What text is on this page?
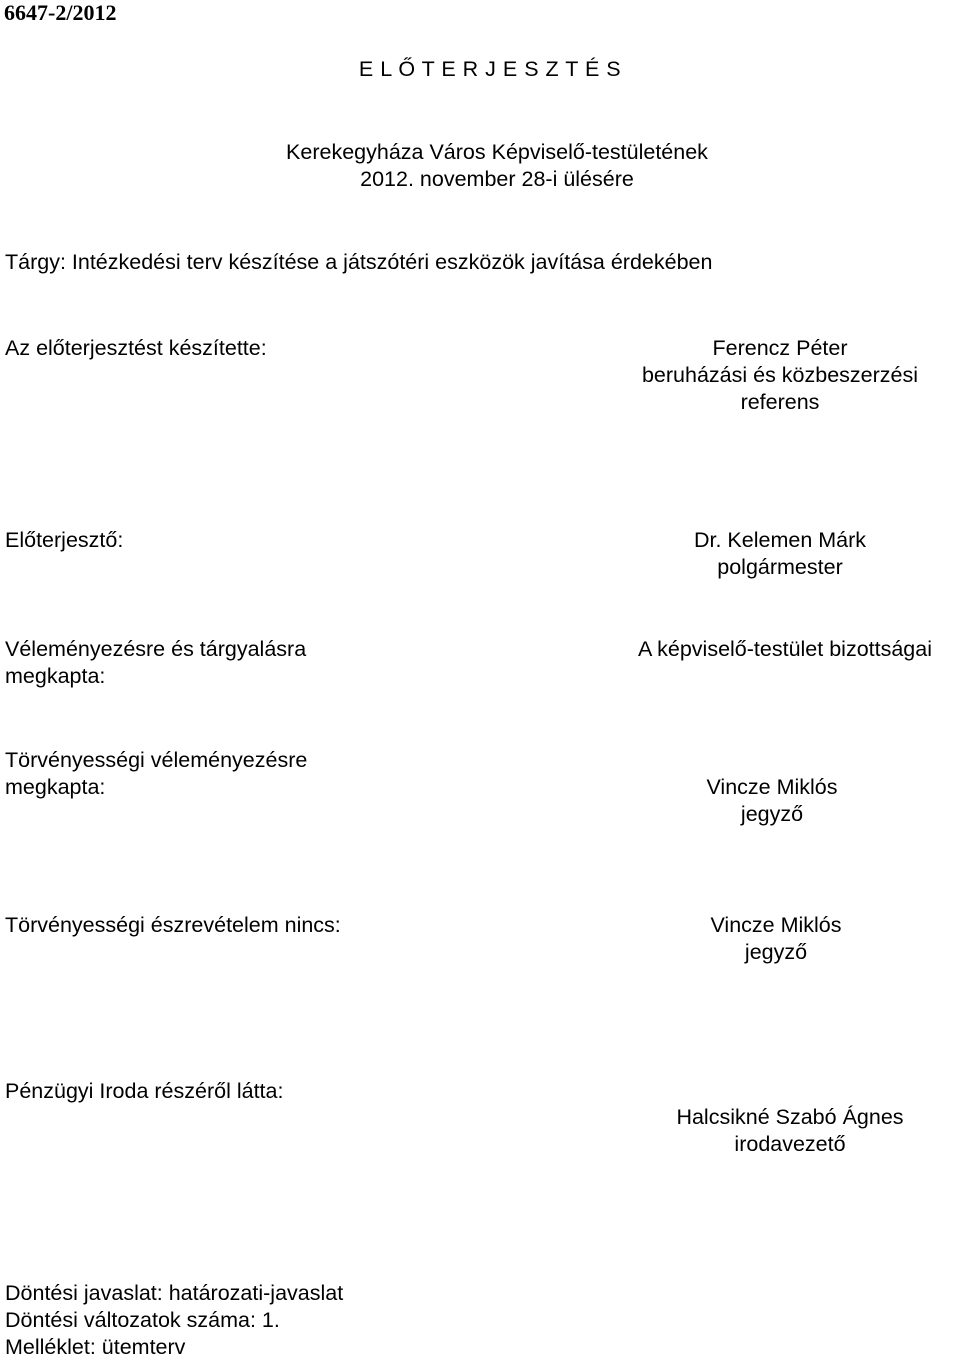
6647-2/2012
E L Ő T E R J E S Z T É S
Kerekegyháza Város Képviselő-testületének
2012. november 28-i ülésére
Tárgy: Intézkedési terv készítése a játszótéri eszközök javítása érdekében
Az előterjesztést készítette:	Ferencz Péter
beruházási és közbeszerzési
referens
Előterjesztő:	Dr. Kelemen Márk
polgármester
Véleményezésre és tárgyalásra
megkapta:
A képviselő-testület bizottságai
Törvényességi véleményezésre
megkapta:	Vincze Miklós
jegyző
Törvényességi észrevételem nincs:	Vincze Miklós
jegyző
Pénzügyi Iroda részéről látta:
Halcsikné Szabó Ágnes
irodavezető
Döntési javaslat: határozati-javaslat
Döntési változatok száma: 1.
Melléklet: ütemterv
